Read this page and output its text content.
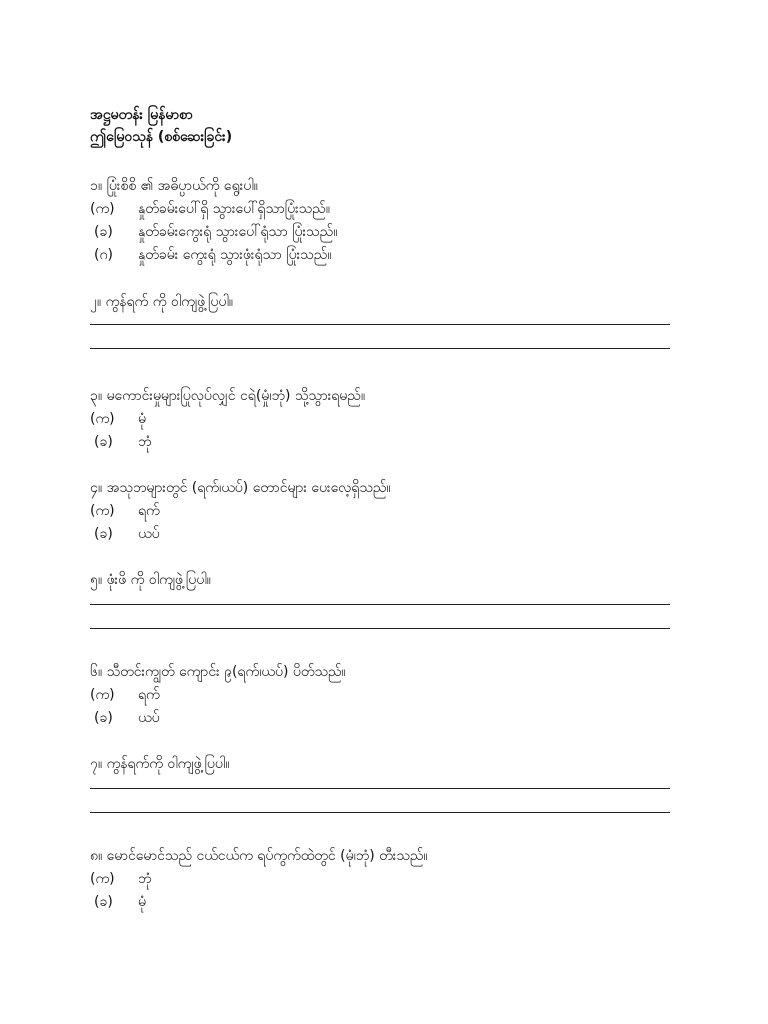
အဋ္ဌမတန်း မြန်မာစာ
ဤမြေဝသုန် (စစ်ဆေးခြင်း)
၁။ ပြုံးစိစိ ၏ အဓိပ္ပာယ်ကို ရွေးပါ။
(က)	နှုတ်ခမ်းပေါ်ရှိ သွားပေါ်ရှိသာပြုံးသည်။
(ခ)	နှုတ်ခမ်းကွေးရုံ သွားပေါ်ရုံသာ ပြုံးသည်။
(ဂ)	နှုတ်ခမ်း ကွေးရုံ သွားဖုံးရုံသာ ပြုံးသည်။
၂။ ကွန်ရက် ကို ဝါကျဖွဲ့ပြပါ။
၃။ မကောင်းမှုများပြုလုပ်လျှင် ငရဲ(မှုံ၊ဘုံ) သို့သွားရမည်။
(က)	မုံ
(ခ)	ဘုံ
၄။ အသုဘများတွင် (ရက်၊ယပ်) တောင်များ ပေးလေ့ရှိသည်။
(က)	ရက်
(ခ)	ယပ်
၅။ ဖုံးဖိ ကို ဝါကျဖွဲ့ပြပါ။
၆။ သီတင်းကျွတ် ကျောင်း ၉(ရက်၊ယပ်) ပိတ်သည်။
(က)	ရက်
(ခ)	ယပ်
၇။ ကွန်ရက်ကို ဝါကျဖွဲ့ပြပါ။
၈။ မောင်မောင်သည် ငယ်ငယ်က ရပ်ကွက်ထဲတွင် (မုံ၊ဘုံ) တီးသည်။
(က)	ဘုံ
(ခ)	မုံ
